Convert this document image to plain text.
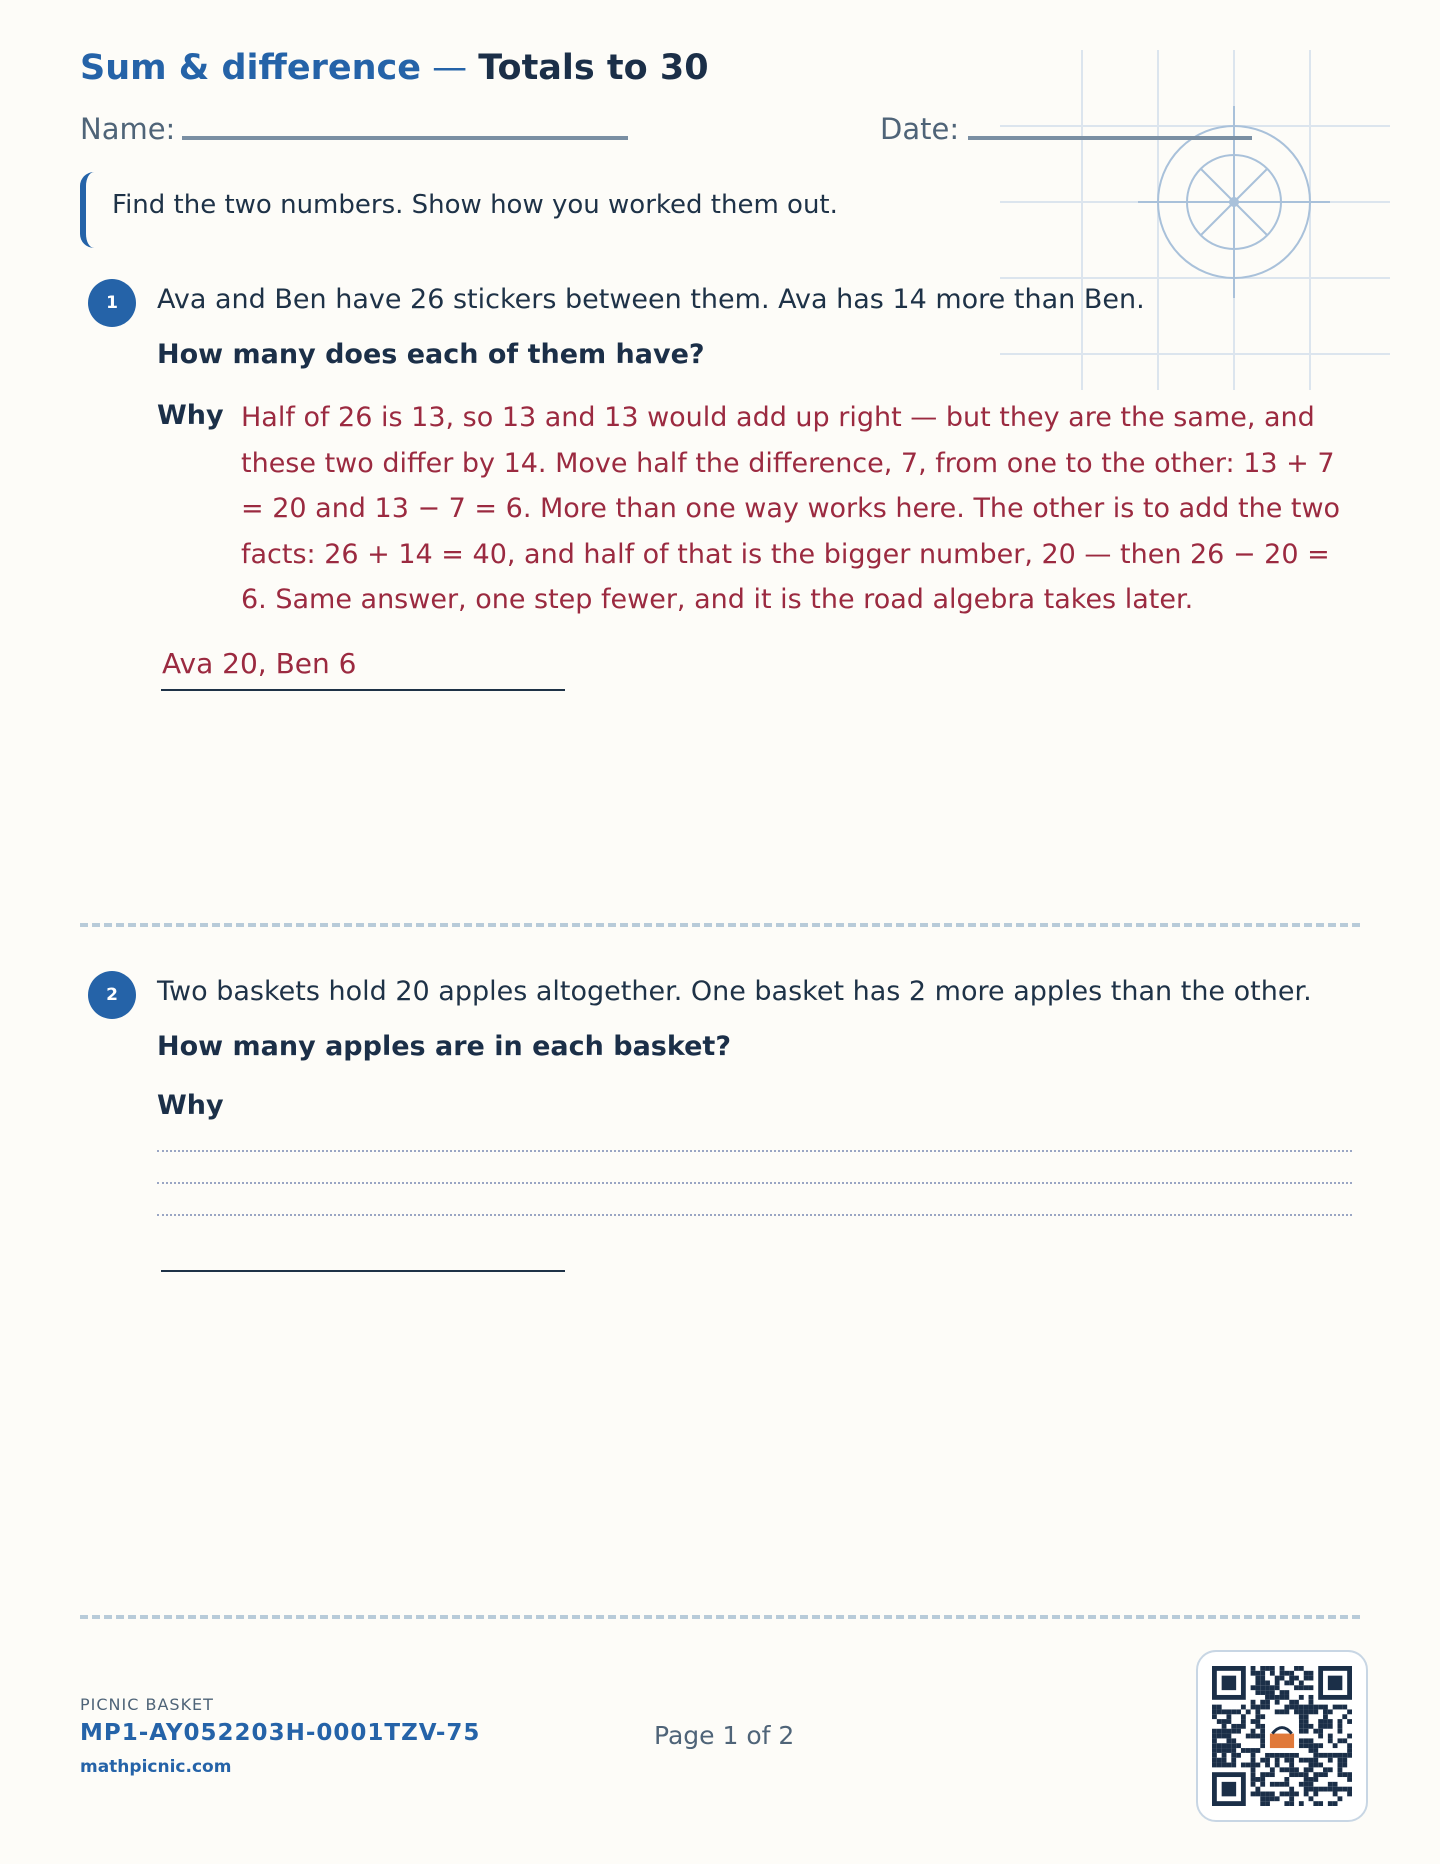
Sum & difference — Totals to 30
Name:	Date:
Find the two numbers. Show how you worked them out.
1	Ava and Ben have 26 stickers between them. Ava has 14 more than Ben.
How many does each of them have?
Why Half of 26 is 13, so 13 and 13 would add up right — but they are the same, and these two differ by 14. Move half the difference, 7, from one to the other: 13 + 7 = 20 and 13 − 7 = 6. More than one way works here. The other is to add the two facts: 26 + 14 = 40, and half of that is the bigger number, 20 — then 26 − 20 = 6. Same answer, one step fewer, and it is the road algebra takes later.
Ava 20, Ben 6
2	Two baskets hold 20 apples altogether. One basket has 2 more apples than the other.
How many apples are in each basket?
Why
PICNIC BASKET
MP1-AY052203H-0001TZV-75
mathpicnic.com
Page 1 of 2
